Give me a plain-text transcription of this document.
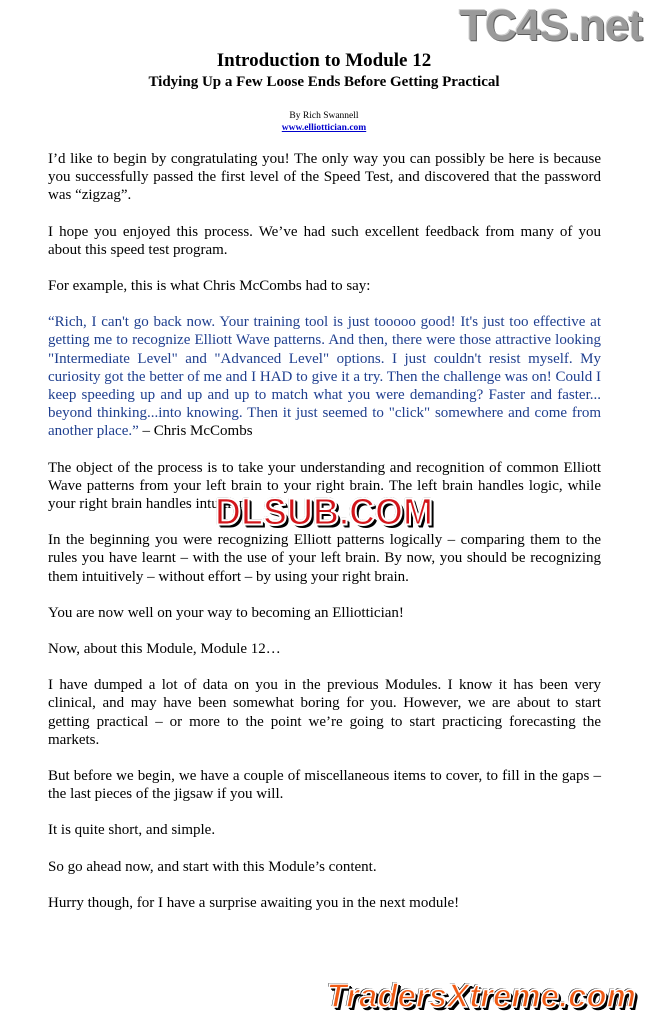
TC4S.net
Introduction to Module 12
Tidying Up a Few Loose Ends Before Getting Practical
By Rich Swannell
www.elliottician.com

I’d like to begin by congratulating you! The only way you can possibly be here is because you successfully passed the first level of the Speed Test, and discovered that the password was “zigzag”.

I hope you enjoyed this process. We’ve had such excellent feedback from many of you about this speed test program.

For example, this is what Chris McCombs had to say:

“Rich, I can't go back now. Your training tool is just tooooo good! It's just too effective at getting me to recognize Elliott Wave patterns. And then, there were those attractive looking "Intermediate Level" and "Advanced Level" options. I just couldn't resist myself. My curiosity got the better of me and I HAD to give it a try. Then the challenge was on! Could I keep speeding up and up and up to match what you were demanding? Faster and faster... beyond thinking...into knowing. Then it just seemed to "click" somewhere and come from another place.” – Chris McCombs

The object of the process is to take your understanding and recognition of common Elliott Wave patterns from your left brain to your right brain. The left brain handles logic, while your right brain handles intuition.

In the beginning you were recognizing Elliott patterns logically – comparing them to the rules you have learnt – with the use of your left brain. By now, you should be recognizing them intuitively – without effort – by using your right brain.

You are now well on your way to becoming an Elliottician!

Now, about this Module, Module 12…

I have dumped a lot of data on you in the previous Modules. I know it has been very clinical, and may have been somewhat boring for you. However, we are about to start getting practical – or more to the point we’re going to start practicing forecasting the markets.

But before we begin, we have a couple of miscellaneous items to cover, to fill in the gaps – the last pieces of the jigsaw if you will.

It is quite short, and simple.

So go ahead now, and start with this Module’s content.

Hurry though, for I have a surprise awaiting you in the next module!

DLSUB.COM
TradersXtreme.com
